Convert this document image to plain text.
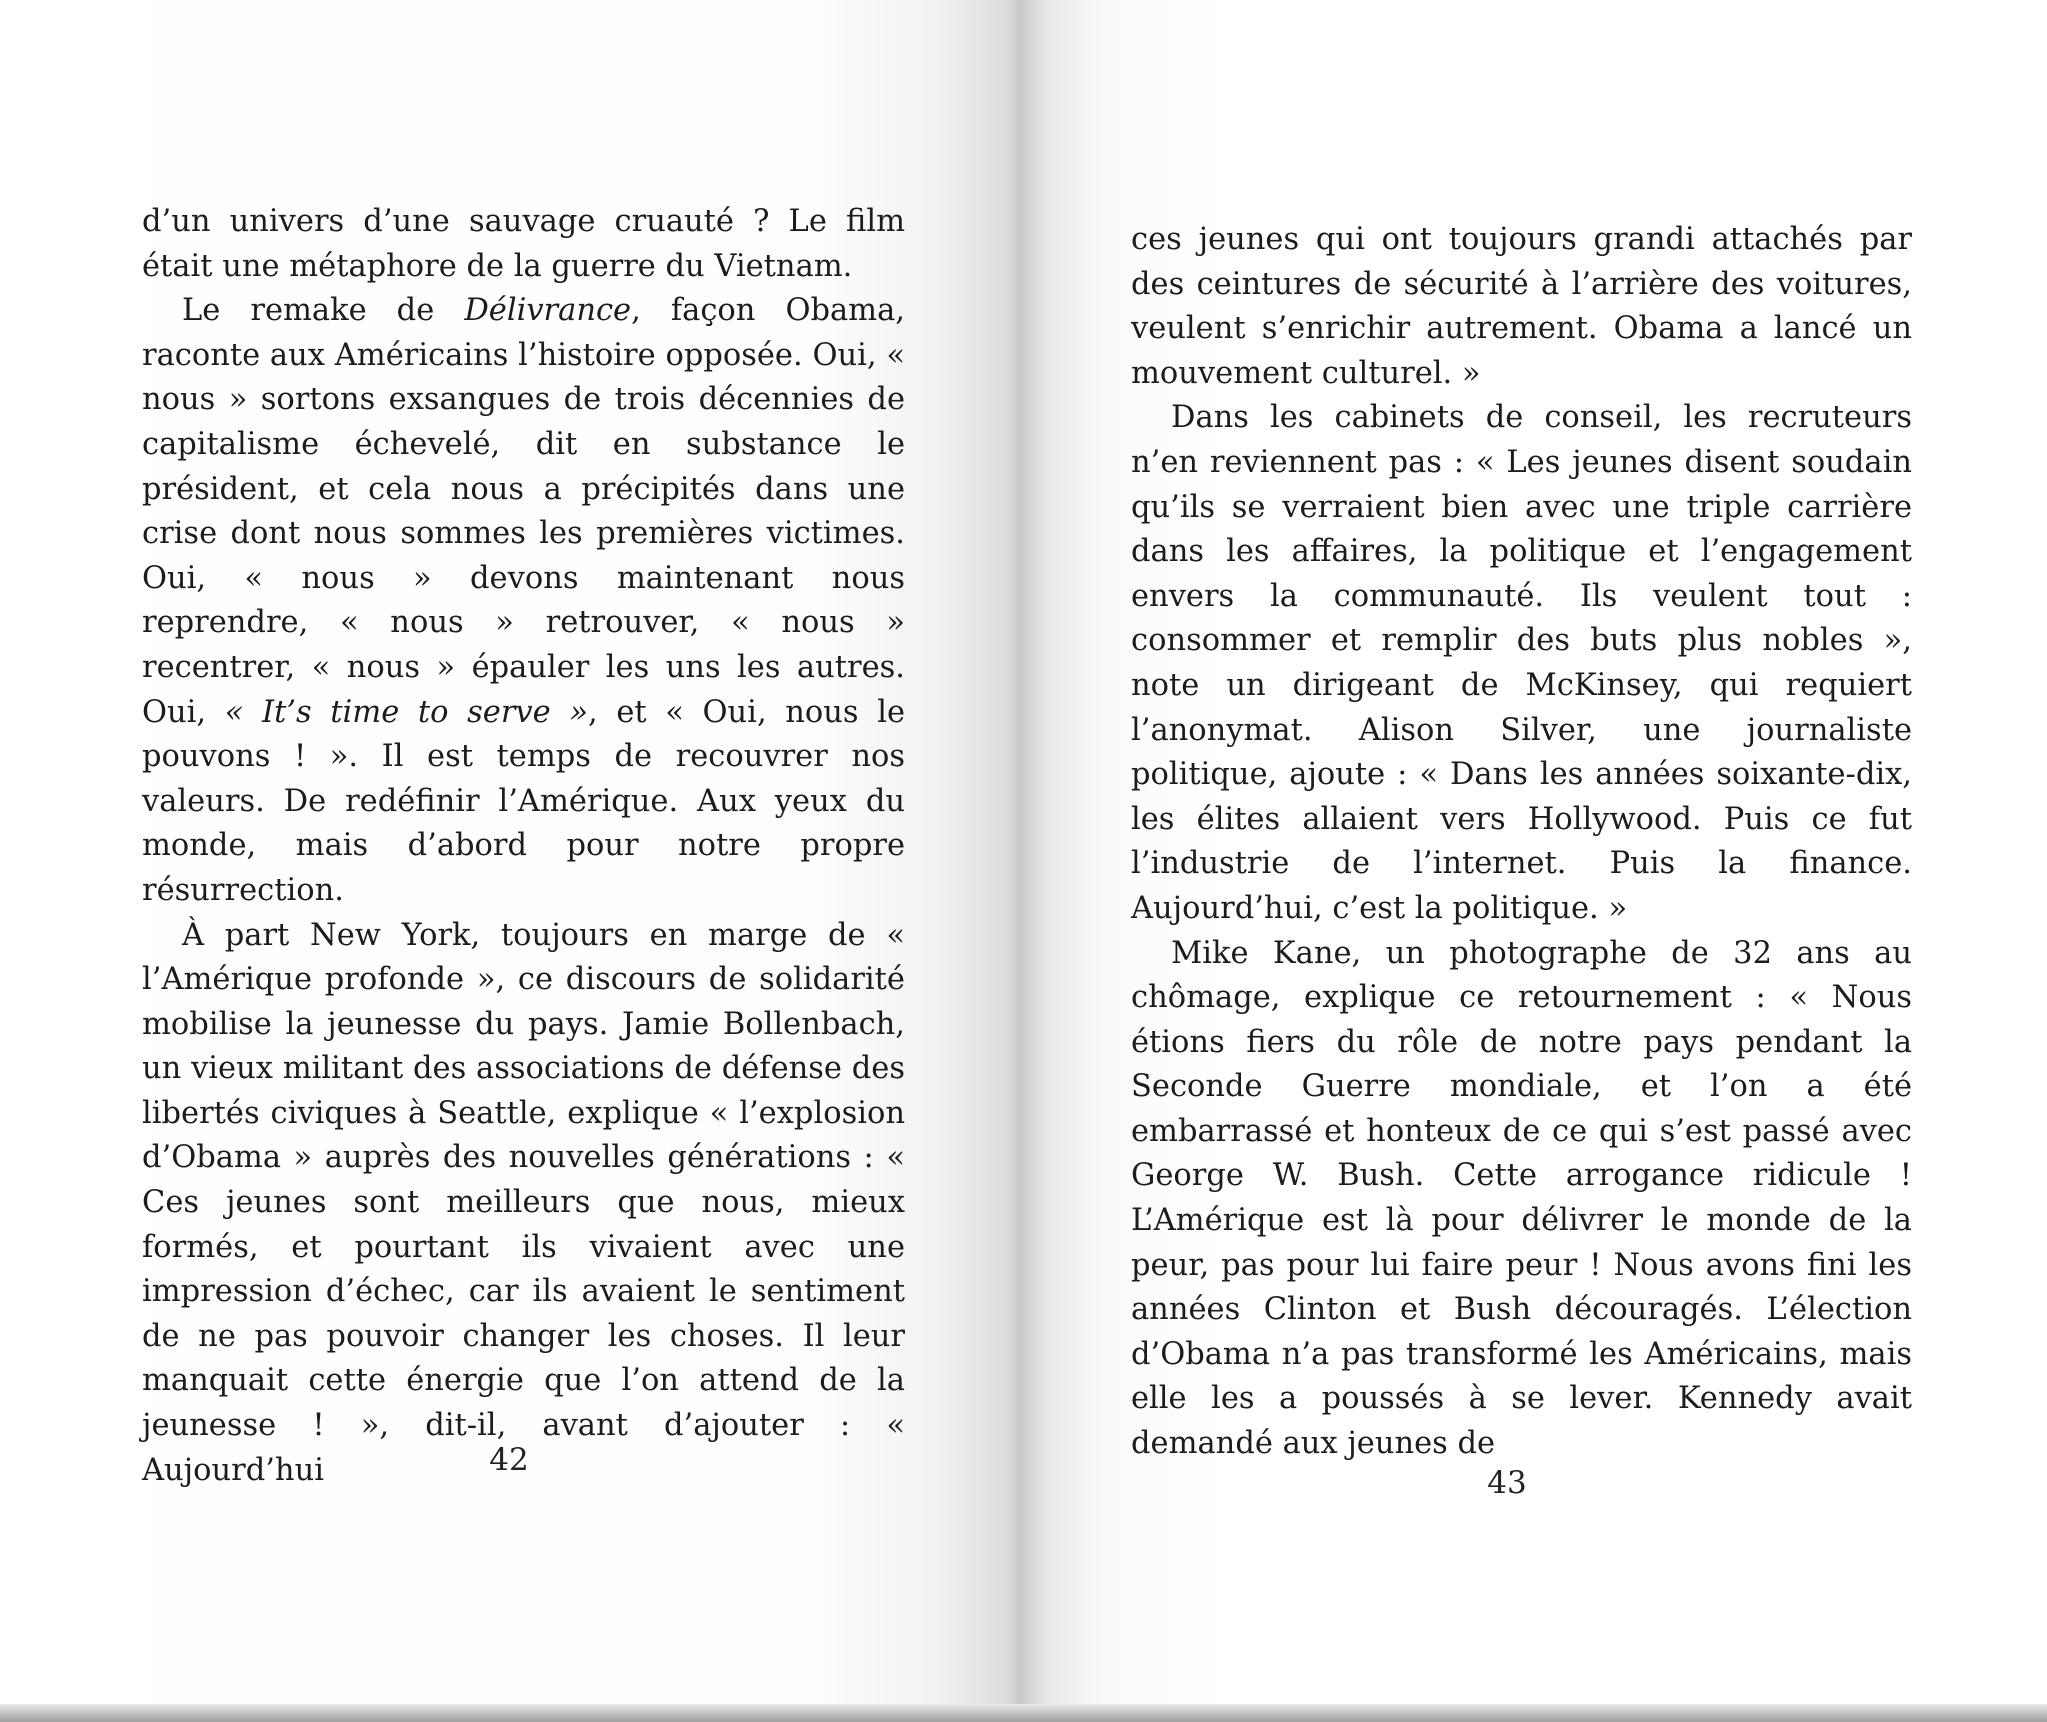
d’un univers d’une sauvage cruauté ? Le film était une métaphore de la guerre du Vietnam.

Le remake de Délivrance, façon Obama, raconte aux Américains l’histoire opposée. Oui, « nous » sortons exsangues de trois décennies de capitalisme échevelé, dit en substance le président, et cela nous a précipités dans une crise dont nous sommes les premières victimes. Oui, « nous » devons maintenant nous reprendre, « nous » retrouver, « nous » recentrer, « nous » épauler les uns les autres. Oui, « It’s time to serve », et « Oui, nous le pouvons ! ». Il est temps de recouvrer nos valeurs. De redéfinir l’Amérique. Aux yeux du monde, mais d’abord pour notre propre résurrection.

À part New York, toujours en marge de « l’Amérique profonde », ce discours de solidarité mobilise la jeunesse du pays. Jamie Bollenbach, un vieux militant des associations de défense des libertés civiques à Seattle, explique « l’explosion d’Obama » auprès des nouvelles générations : « Ces jeunes sont meilleurs que nous, mieux formés, et pourtant ils vivaient avec une impression d’échec, car ils avaient le sentiment de ne pas pouvoir changer les choses. Il leur manquait cette énergie que l’on attend de la jeunesse ! », dit-il, avant d’ajouter : « Aujourd’hui	42

ces jeunes qui ont toujours grandi attachés par des ceintures de sécurité à l’arrière des voitures, veulent s’enrichir autrement. Obama a lancé un mouvement culturel. »

Dans les cabinets de conseil, les recruteurs n’en reviennent pas : « Les jeunes disent soudain qu’ils se verraient bien avec une triple carrière dans les affaires, la politique et l’engagement envers la communauté. Ils veulent tout : consommer et remplir des buts plus nobles », note un dirigeant de McKinsey, qui requiert l’anonymat. Alison Silver, une journaliste politique, ajoute : « Dans les années soixante-dix, les élites allaient vers Hollywood. Puis ce fut l’industrie de l’internet. Puis la finance. Aujourd’hui, c’est la politique. »

Mike Kane, un photographe de 32 ans au chômage, explique ce retournement : « Nous étions fiers du rôle de notre pays pendant la Seconde Guerre mondiale, et l’on a été embarrassé et honteux de ce qui s’est passé avec George W. Bush. Cette arrogance ridicule ! L’Amérique est là pour délivrer le monde de la peur, pas pour lui faire peur ! Nous avons fini les années Clinton et Bush découragés. L’élection d’Obama n’a pas transformé les Américains, mais elle les a poussés à se lever. Kennedy avait demandé aux jeunes de

43
